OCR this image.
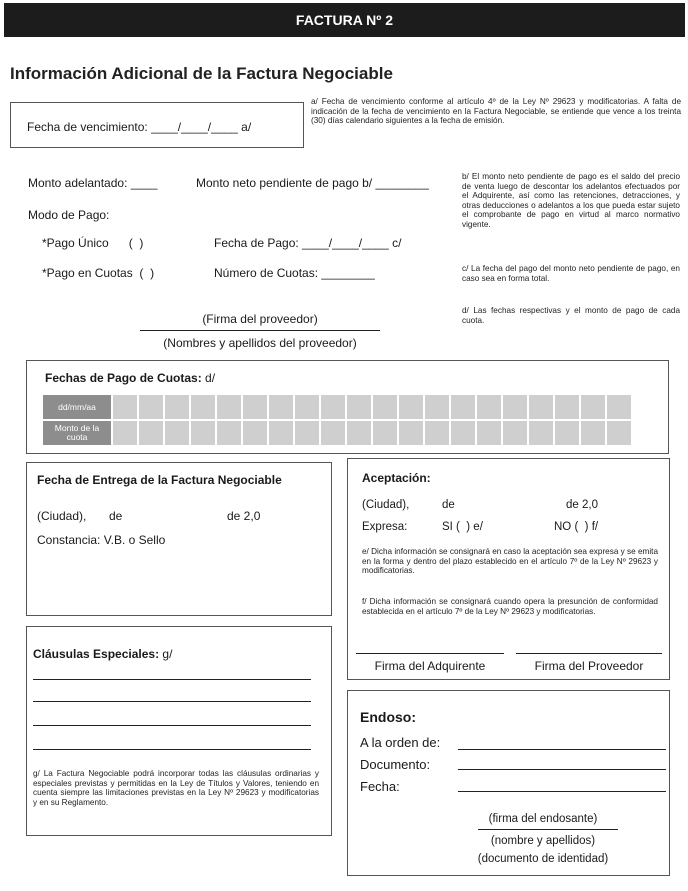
FACTURA Nº 2
Información Adicional de la Factura Negociable
Fecha de vencimiento: ____/____/____ a/
a/ Fecha de vencimiento conforme al artículo 4º de la Ley Nº 29623 y modificatorias. A falta de indicación de la fecha de vencimiento en la Factura Negociable, se entiende que vence a los treinta (30) días calendario siguientes a la fecha de emisión.
Monto adelantado: ____	Monto neto pendiente de pago b/ ________
Modo de Pago:
*Pago Único      (  )	Fecha de Pago: ____/____/____ c/
*Pago en Cuotas  (  )	Número de Cuotas: ________
(Firma del proveedor)
(Nombres y apellidos del proveedor)
b/ El monto neto pendiente de pago es el saldo del precio de venta luego de descontar los adelantos efectuados por el Adquirente, así como las retenciones, detracciones, y otras deducciones o adelantos a los que pueda estar sujeto el comprobante de pago en virtud al marco normativo vigente.
c/ La fecha del pago del monto neto pendiente de pago, en caso sea en forma total.
d/ Las fechas respectivas y el monto de pago de cada cuota.
Fechas de Pago de Cuotas: d/
dd/mm/aa																				
Monto de la cuota																				
Fecha de Entrega de la Factura Negociable
(Ciudad), de	de 2,0
Constancia: V.B. o Sello
Cláusulas Especiales: g/
g/ La Factura Negociable podrá incorporar todas las cláusulas ordinarias y especiales previstas y permitidas en la Ley de Títulos y Valores, teniendo en cuenta siempre las limitaciones previstas en la Ley Nº 29623 y modificatorias y en su Reglamento.
Aceptación:
(Ciudad),	de	de 2,0
Expresa:	SI (  ) e/	NO (  ) f/
e/ Dicha información se consignará en caso la aceptación sea expresa y se emita en la forma y dentro del plazo establecido en el artículo 7º de la Ley Nº 29623 y modificatorias.
f/ Dicha información se consignará cuando opera la presunción de conformidad establecida en el artículo 7º de la Ley Nº 29623 y modificatorias.
Firma del Adquirente	Firma del Proveedor
Endoso:
A la orden de:
Documento:
Fecha:
(firma del endosante)
(nombre y apellidos)
(documento de identidad)
